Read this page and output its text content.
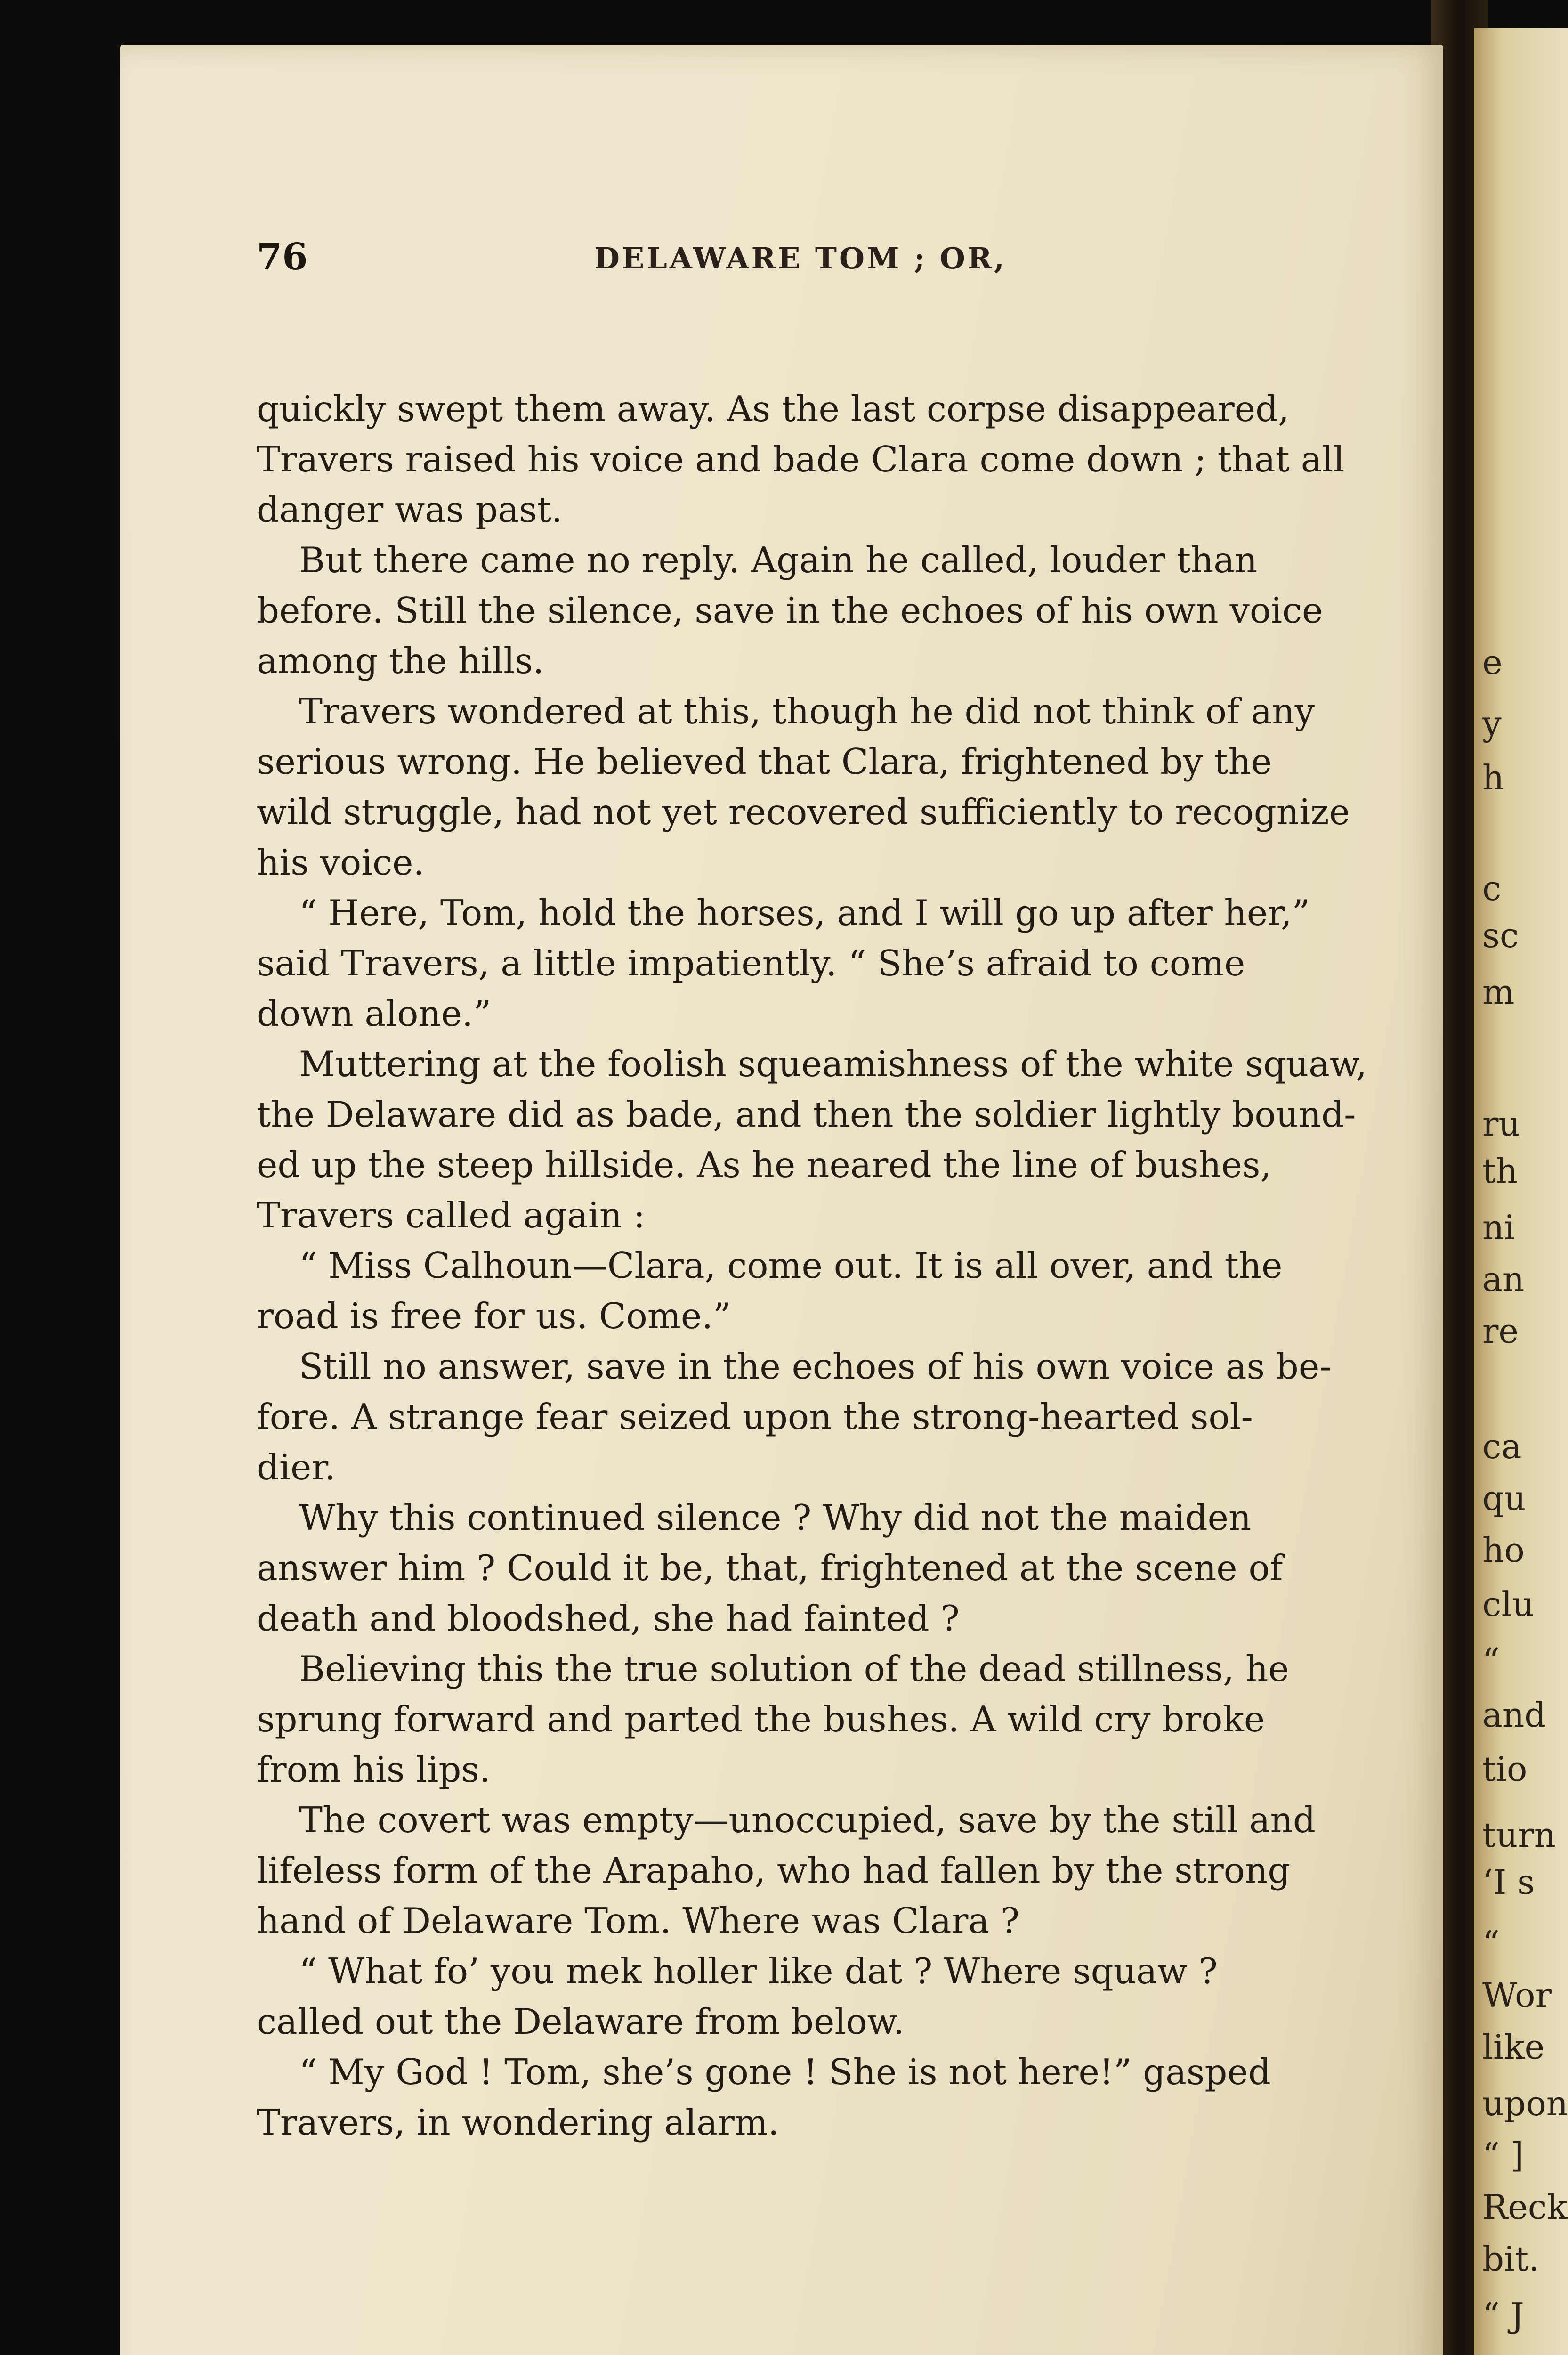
e
y
h
c
sc
m
ru
th
ni
an
re
ca
qu
ho
clu
“
and
tio
turn
‘I s
“
Wor
like
upon
“ ]
Reck
bit.
“ J
76	DELAWARE TOM ; OR,
quickly swept them away. As the last corpse disappeared,
Travers raised his voice and bade Clara come down ; that all
danger was past.
But there came no reply. Again he called, louder than
before. Still the silence, save in the echoes of his own voice
among the hills.
Travers wondered at this, though he did not think of any
serious wrong. He believed that Clara, frightened by the
wild struggle, had not yet recovered sufficiently to recognize
his voice.
“ Here, Tom, hold the horses, and I will go up after her,”
said Travers, a little impatiently. “ She’s afraid to come
down alone.”
Muttering at the foolish squeamishness of the white squaw,
the Delaware did as bade, and then the soldier lightly bound-
ed up the steep hillside. As he neared the line of bushes,
Travers called again :
“ Miss Calhoun—Clara, come out. It is all over, and the
road is free for us. Come.”
Still no answer, save in the echoes of his own voice as be-
fore. A strange fear seized upon the strong-hearted sol-
dier.
Why this continued silence ? Why did not the maiden
answer him ? Could it be, that, frightened at the scene of
death and bloodshed, she had fainted ?
Believing this the true solution of the dead stillness, he
sprung forward and parted the bushes. A wild cry broke
from his lips.
The covert was empty—unoccupied, save by the still and
lifeless form of the Arapaho, who had fallen by the strong
hand of Delaware Tom. Where was Clara ?
“ What fo’ you mek holler like dat ? Where squaw ?
called out the Delaware from below.
“ My God ! Tom, she’s gone ! She is not here!” gasped
Travers, in wondering alarm.
